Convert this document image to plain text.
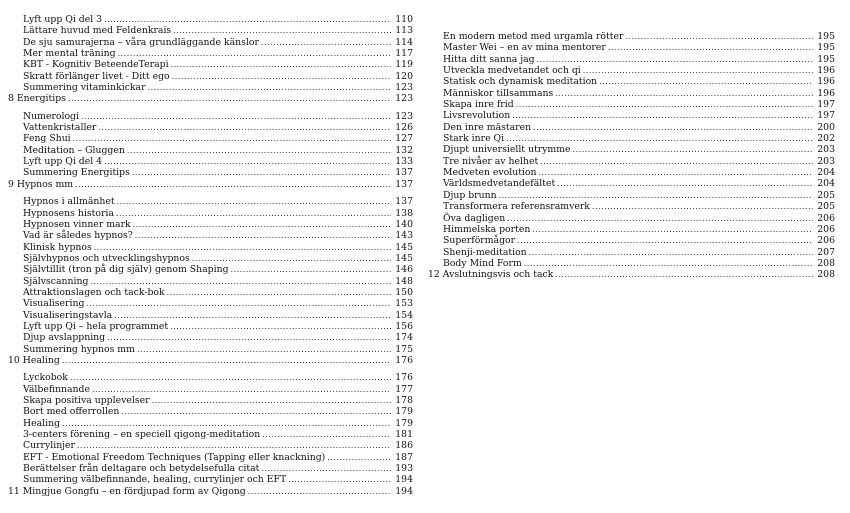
Lyft upp Qi del 3 .....	110
Lättare huvud med Feldenkrais .....	113
De sju samurajerna – våra grundläggande känslor .....	114
Mer mental träning .....	117
KBT - Kognitiv BeteendeTerapi .....	119
Skratt förlänger livet - Ditt ego .....	120
Summering vitaminkickar .....	123
8 Energitips .....	123
Numerologi .....	123
Vattenkristaller .....	126
Feng Shui .....	127
Meditation – Gluggen .....	132
Lyft upp Qi del 4 .....	133
Summering Energitips .....	137
9 Hypnos mm .....	137
Hypnos i allmänhet .....	137
Hypnosens historia .....	138
Hypnosen vinner mark .....	140
Vad är således hypnos? .....	143
Klinisk hypnos .....	145
Självhypnos och utvecklingshypnos .....	145
Självtillit (tron på dig själv) genom Shaping .....	146
Självscanning .....	148
Attraktionslagen och tack-bok .....	150
Visualisering .....	153
Visualiseringstavla .....	154
Lyft upp Qi – hela programmet .....	156
Djup avslappning .....	174
Summering hypnos mm .....	175
10 Healing .....	176
Lyckobok .....	176
Välbefinnande .....	177
Skapa positiva upplevelser .....	178
Bort med offerrollen .....	179
Healing .....	179
3-centers förening – en speciell qigong-meditation .....	181
Currylinjer .....	186
EFT - Emotional Freedom Techniques (Tapping eller knackning) .....	187
Berättelser från deltagare och betydelsefulla citat .....	193
Summering välbefinnande, healing, currylinjer och EFT .....	194
11 Mingjue Gongfu – en fördjupad form av Qigong .....	194
En modern metod med urgamla rötter .....	195
Master Wei – en av mina mentorer .....	195
Hitta ditt sanna jag .....	195
Utveckla medvetandet och qi .....	196
Statisk och dynamisk meditation .....	196
Människor tillsammans .....	196
Skapa inre frid .....	197
Livsrevolution .....	197
Den inre mästaren .....	200
Stark inre Qi .....	202
Djupt universiellt utrymme .....	203
Tre nivåer av helhet .....	203
Medveten evolution .....	204
Världsmedvetandefältet .....	204
Djup brunn .....	205
Transformera referensramverk .....	205
Öva dagligen .....	206
Himmelska porten .....	206
Superförmågor .....	206
Shenji-meditation .....	207
Body Mind Form .....	208
12 Avslutningsvis och tack .....	208
